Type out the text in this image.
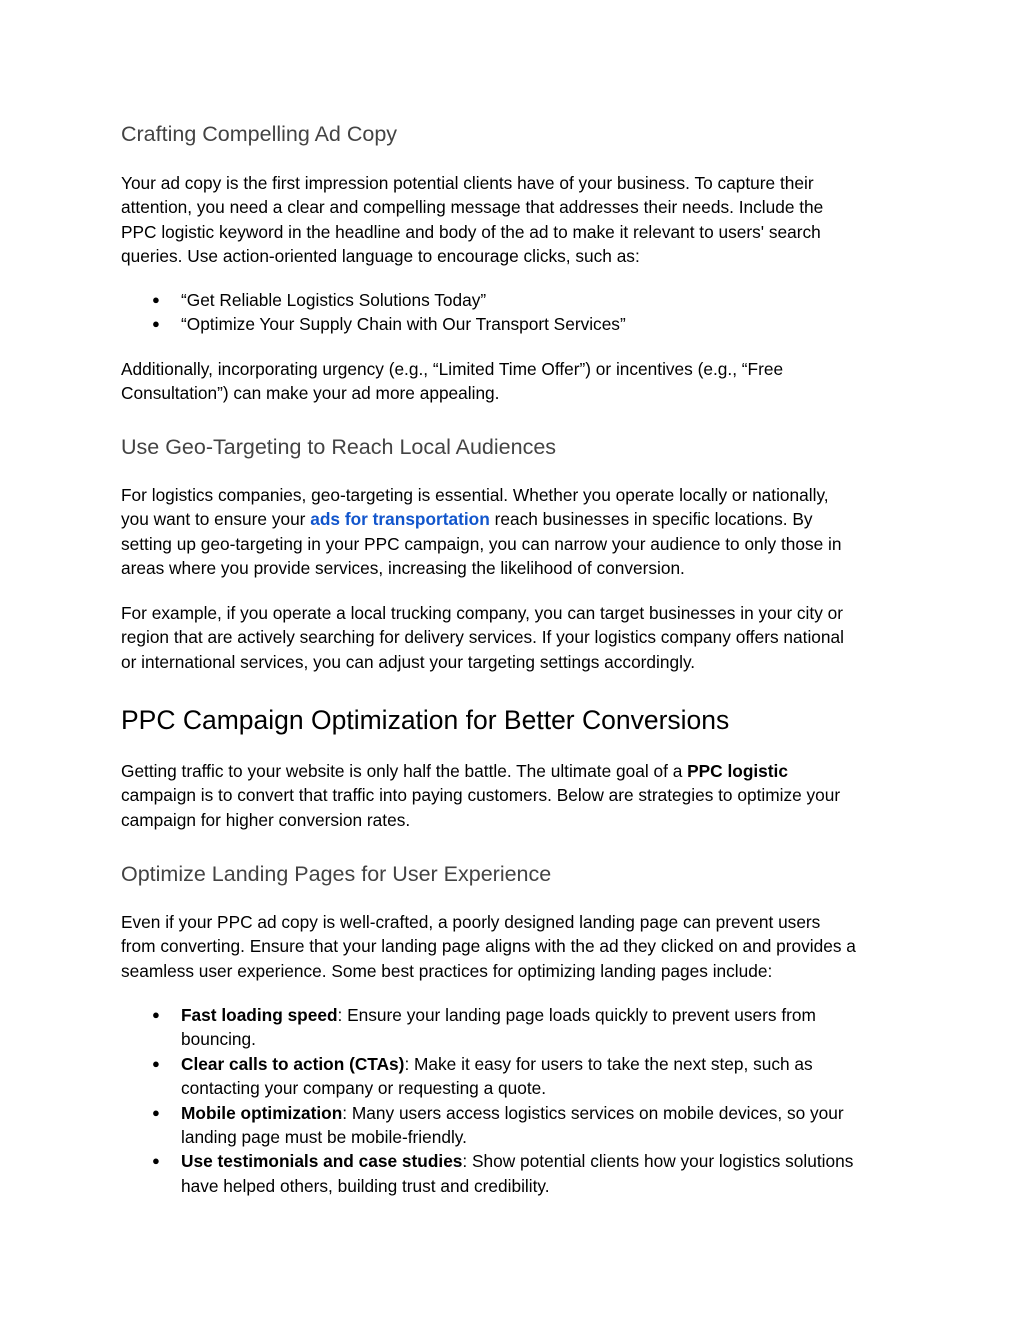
Crafting Compelling Ad Copy

Your ad copy is the first impression potential clients have of your business. To capture their
attention, you need a clear and compelling message that addresses their needs. Include the
PPC logistic keyword in the headline and body of the ad to make it relevant to users' search
queries. Use action-oriented language to encourage clicks, such as:

● “Get Reliable Logistics Solutions Today”
● “Optimize Your Supply Chain with Our Transport Services”

Additionally, incorporating urgency (e.g., “Limited Time Offer”) or incentives (e.g., “Free
Consultation”) can make your ad more appealing.

Use Geo-Targeting to Reach Local Audiences

For logistics companies, geo-targeting is essential. Whether you operate locally or nationally,
you want to ensure your ads for transportation reach businesses in specific locations. By
setting up geo-targeting in your PPC campaign, you can narrow your audience to only those in
areas where you provide services, increasing the likelihood of conversion.

For example, if you operate a local trucking company, you can target businesses in your city or
region that are actively searching for delivery services. If your logistics company offers national
or international services, you can adjust your targeting settings accordingly.

PPC Campaign Optimization for Better Conversions

Getting traffic to your website is only half the battle. The ultimate goal of a PPC logistic
campaign is to convert that traffic into paying customers. Below are strategies to optimize your
campaign for higher conversion rates.

Optimize Landing Pages for User Experience

Even if your PPC ad copy is well-crafted, a poorly designed landing page can prevent users
from converting. Ensure that your landing page aligns with the ad they clicked on and provides a
seamless user experience. Some best practices for optimizing landing pages include:

● Fast loading speed: Ensure your landing page loads quickly to prevent users from
bouncing.
● Clear calls to action (CTAs): Make it easy for users to take the next step, such as
contacting your company or requesting a quote.
● Mobile optimization: Many users access logistics services on mobile devices, so your
landing page must be mobile-friendly.
● Use testimonials and case studies: Show potential clients how your logistics solutions
have helped others, building trust and credibility.
